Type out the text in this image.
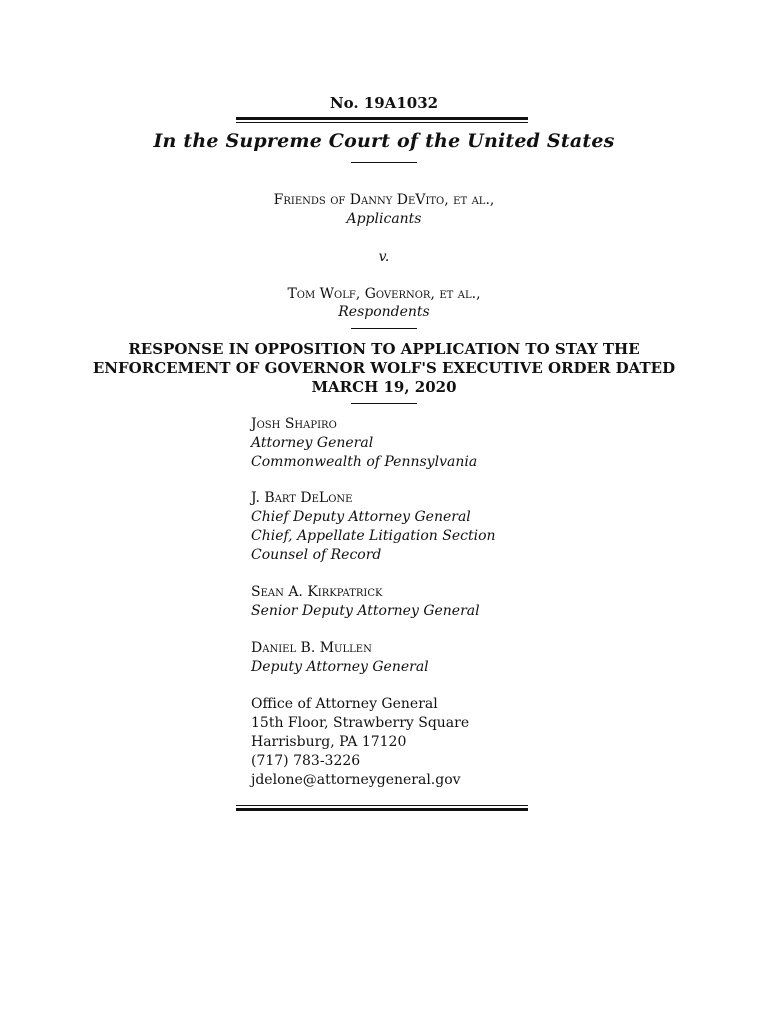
No. 19A1032
In the Supreme Court of the United States
Friends of Danny DeVito, et al.,
Applicants
v.
Tom Wolf, Governor, et al.,
Respondents
RESPONSE IN OPPOSITION TO APPLICATION TO STAY THE
ENFORCEMENT OF GOVERNOR WOLF'S EXECUTIVE ORDER DATED
MARCH 19, 2020
Josh Shapiro
Attorney General
Commonwealth of Pennsylvania
J. Bart DeLone
Chief Deputy Attorney General
Chief, Appellate Litigation Section
Counsel of Record
Sean A. Kirkpatrick
Senior Deputy Attorney General
Daniel B. Mullen
Deputy Attorney General
Office of Attorney General
15th Floor, Strawberry Square
Harrisburg, PA 17120
(717) 783-3226
jdelone@attorneygeneral.gov
